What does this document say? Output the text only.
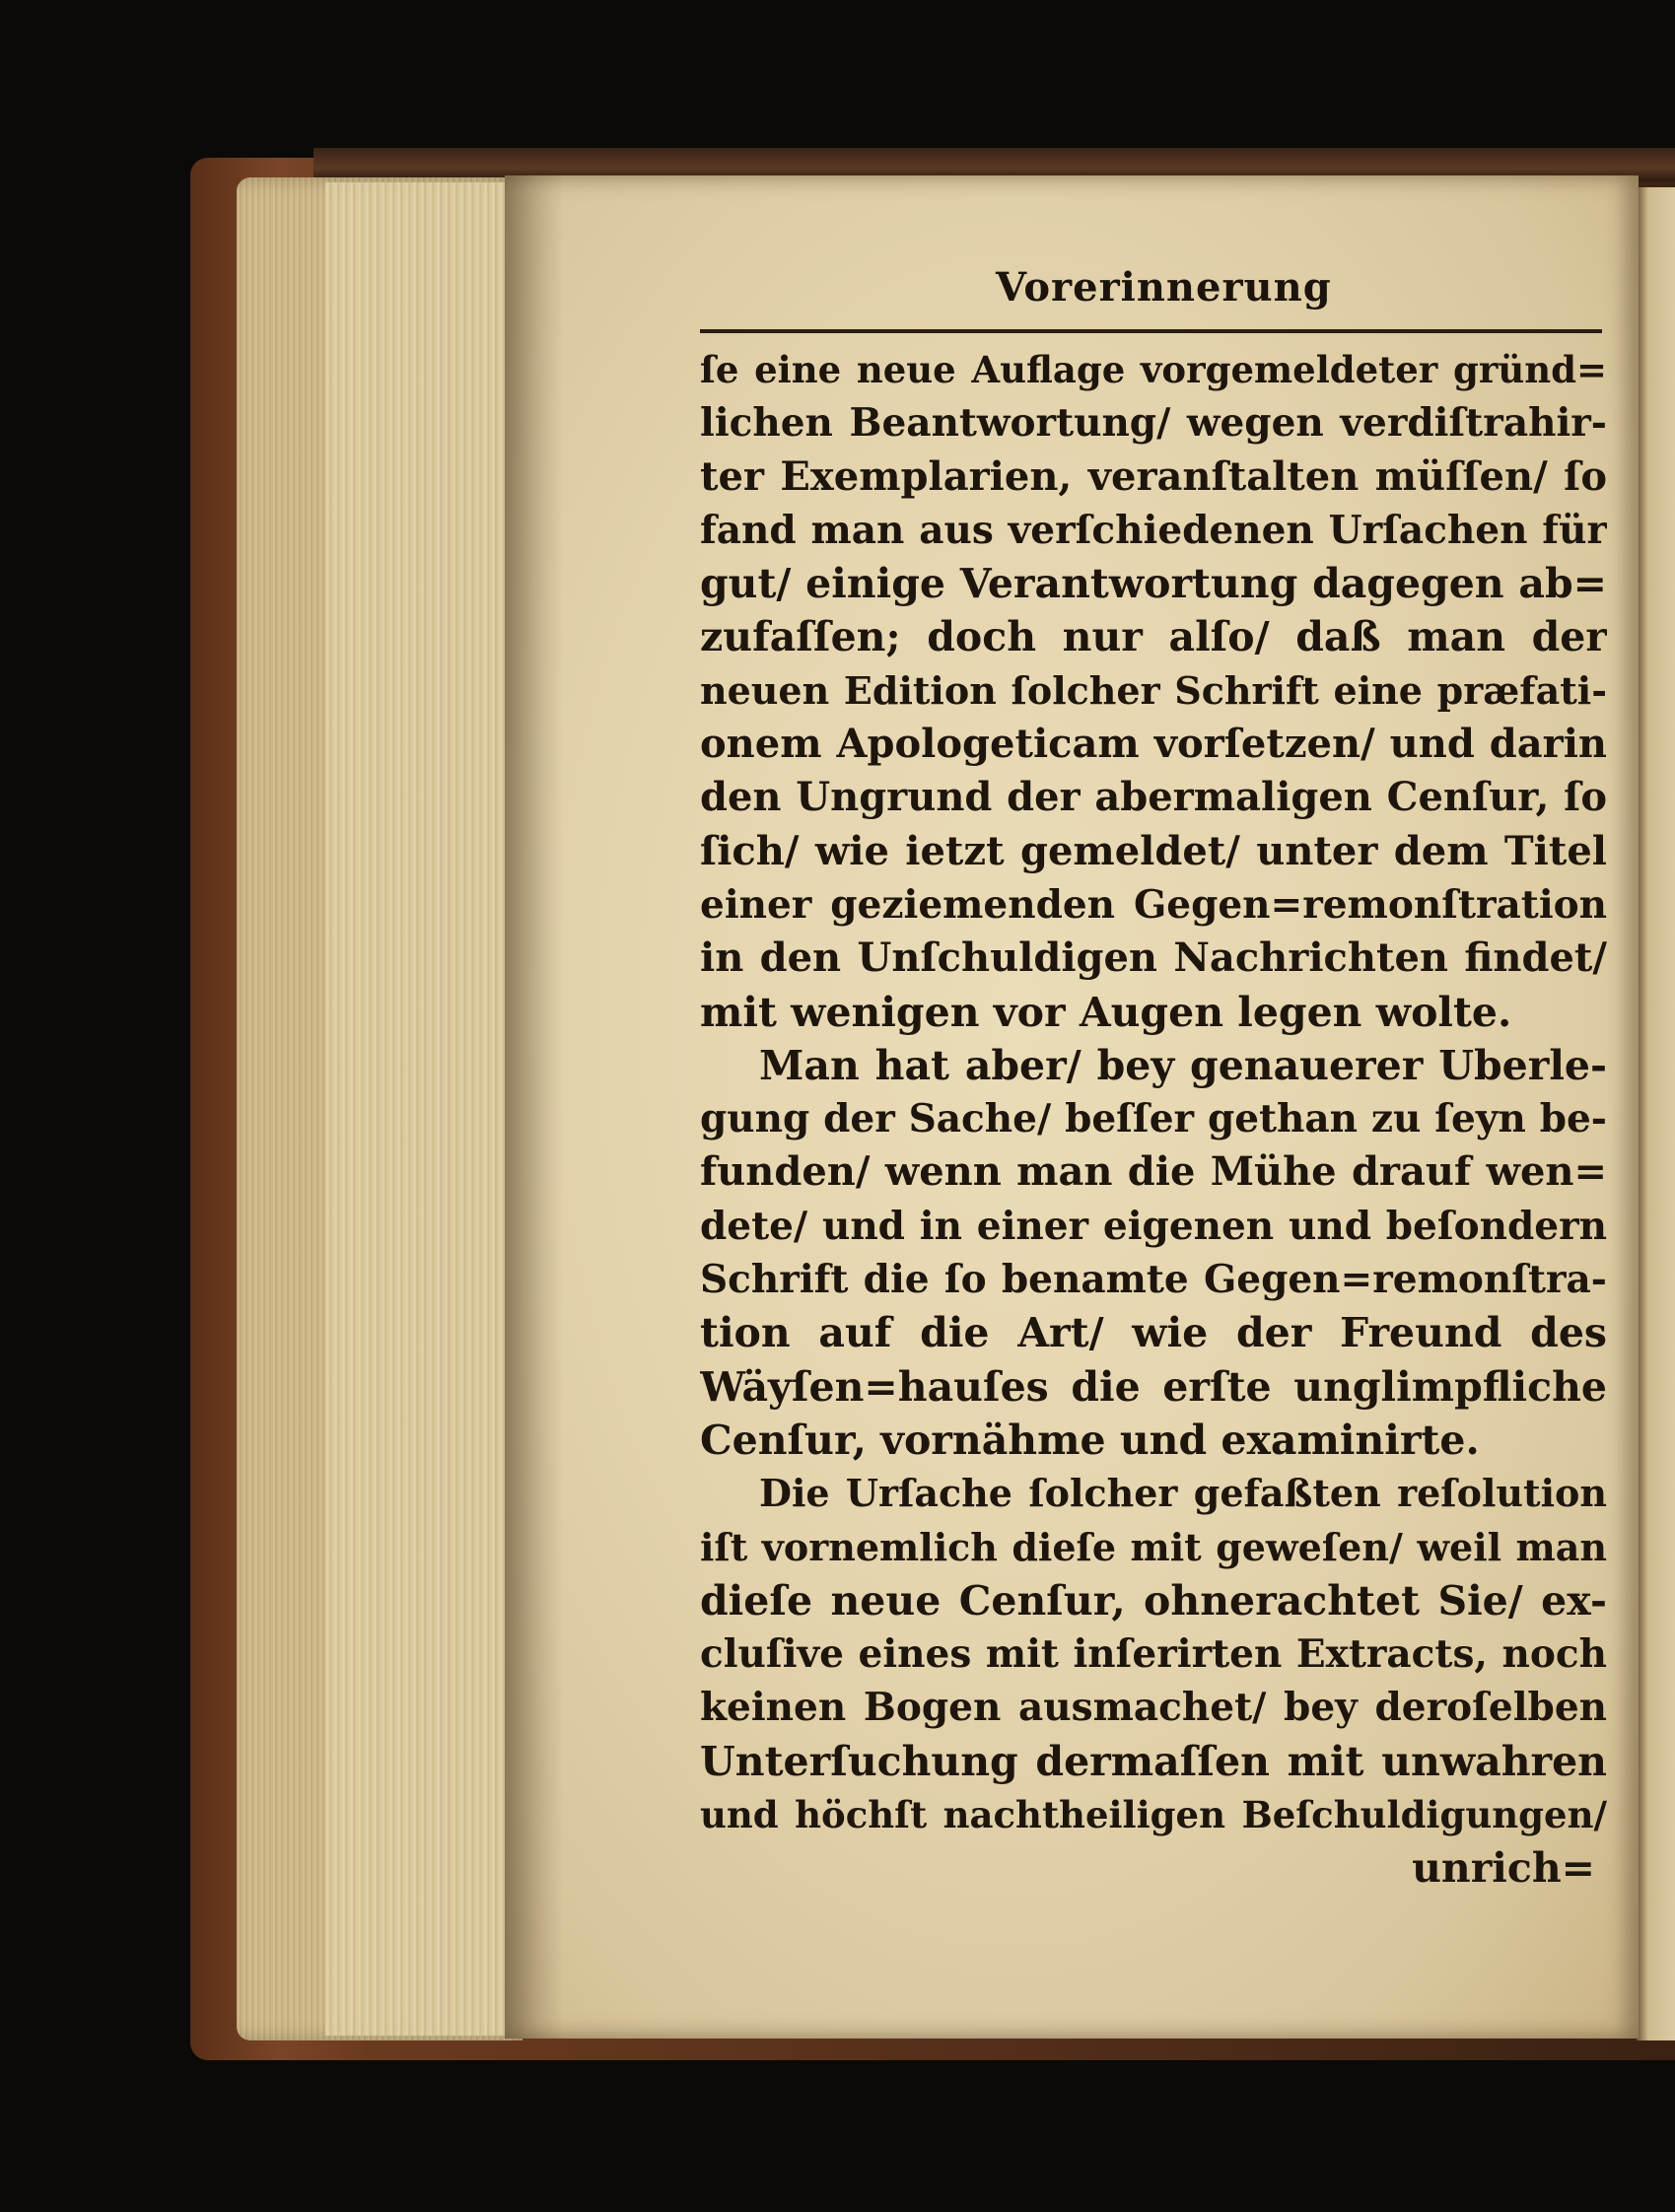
Vorerinnerung
ſe eine neue Auflage vorgemeldeter gründ=
lichen Beantwortung/ wegen verdiſtrahir-
ter Exemplarien, veranſtalten müſſen/ ſo
fand man aus verſchiedenen Urſachen für
gut/ einige Verantwortung dagegen ab=
zufaſſen; doch nur alſo/ daß man der
neuen Edition ſolcher Schrift eine præfati-
onem Apologeticam vorſetzen/ und darin
den Ungrund der abermaligen Cenſur, ſo
ſich/ wie ietzt gemeldet/ unter dem Titel
einer geziemenden Gegen=remonſtration
in den Unſchuldigen Nachrichten findet/
mit wenigen vor Augen legen wolte.
Man hat aber/ bey genauerer Uberle-
gung der Sache/ beſſer gethan zu ſeyn be-
funden/ wenn man die Mühe drauf wen=
dete/ und in einer eigenen und beſondern
Schrift die ſo benamte Gegen=remonſtra-
tion auf die Art/ wie der Freund des
Wäyſen=hauſes die erſte unglimpfliche
Cenſur, vornähme und examinirte.
Die Urſache ſolcher gefaßten reſolution
iſt vornemlich dieſe mit geweſen/ weil man
dieſe neue Cenſur, ohnerachtet Sie/ ex-
cluſive eines mit inſerirten Extracts, noch
keinen Bogen ausmachet/ bey deroſelben
Unterſuchung dermaſſen mit unwahren
und höchſt nachtheiligen Beſchuldigungen/
unrich=
